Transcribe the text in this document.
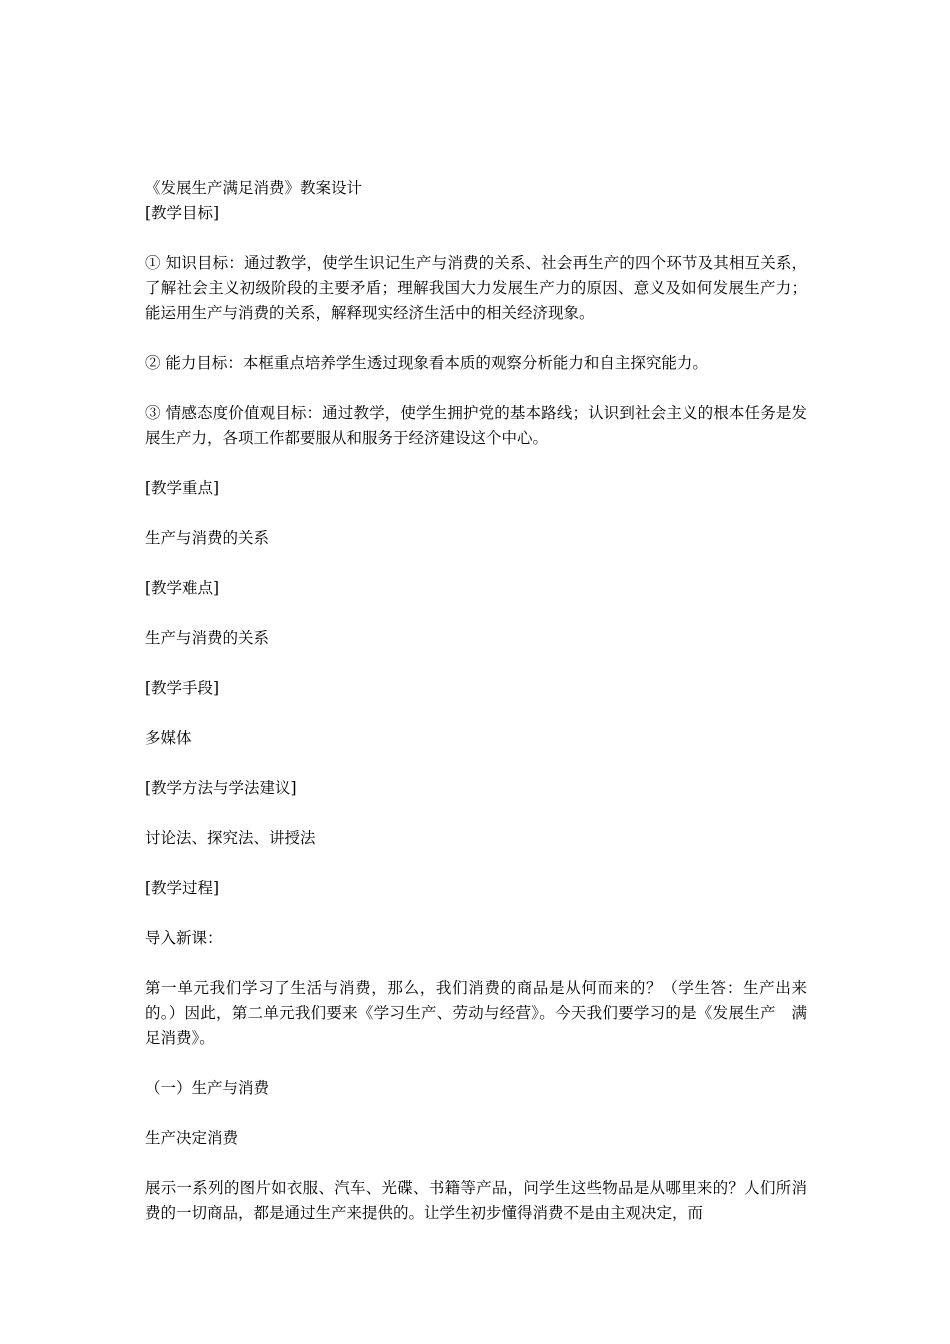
《发展生产满足消费》教案设计

[教学目标]

① 知识目标：通过教学，使学生识记生产与消费的关系、社会再生产的四个环节及其相互关系，了解社会主义初级阶段的主要矛盾；理解我国大力发展生产力的原因、意义及如何发展生产力；能运用生产与消费的关系，解释现实经济生活中的相关经济现象。

② 能力目标：本框重点培养学生透过现象看本质的观察分析能力和自主探究能力。

③ 情感态度价值观目标：通过教学，使学生拥护党的基本路线；认识到社会主义的根本任务是发展生产力，各项工作都要服从和服务于经济建设这个中心。

[教学重点]

生产与消费的关系

[教学难点]

生产与消费的关系

[教学手段]

多媒体

[教学方法与学法建议]

讨论法、探究法、讲授法

[教学过程]

导入新课：

第一单元我们学习了生活与消费，那么，我们消费的商品是从何而来的？（学生答：生产出来的。）因此，第二单元我们要来《学习生产、劳动与经营》。今天我们要学习的是《发展生产　满足消费》。

（一）生产与消费

生产决定消费

展示一系列的图片如衣服、汽车、光碟、书籍等产品，问学生这些物品是从哪里来的？人们所消费的一切商品，都是通过生产来提供的。让学生初步懂得消费不是由主观决定，而
